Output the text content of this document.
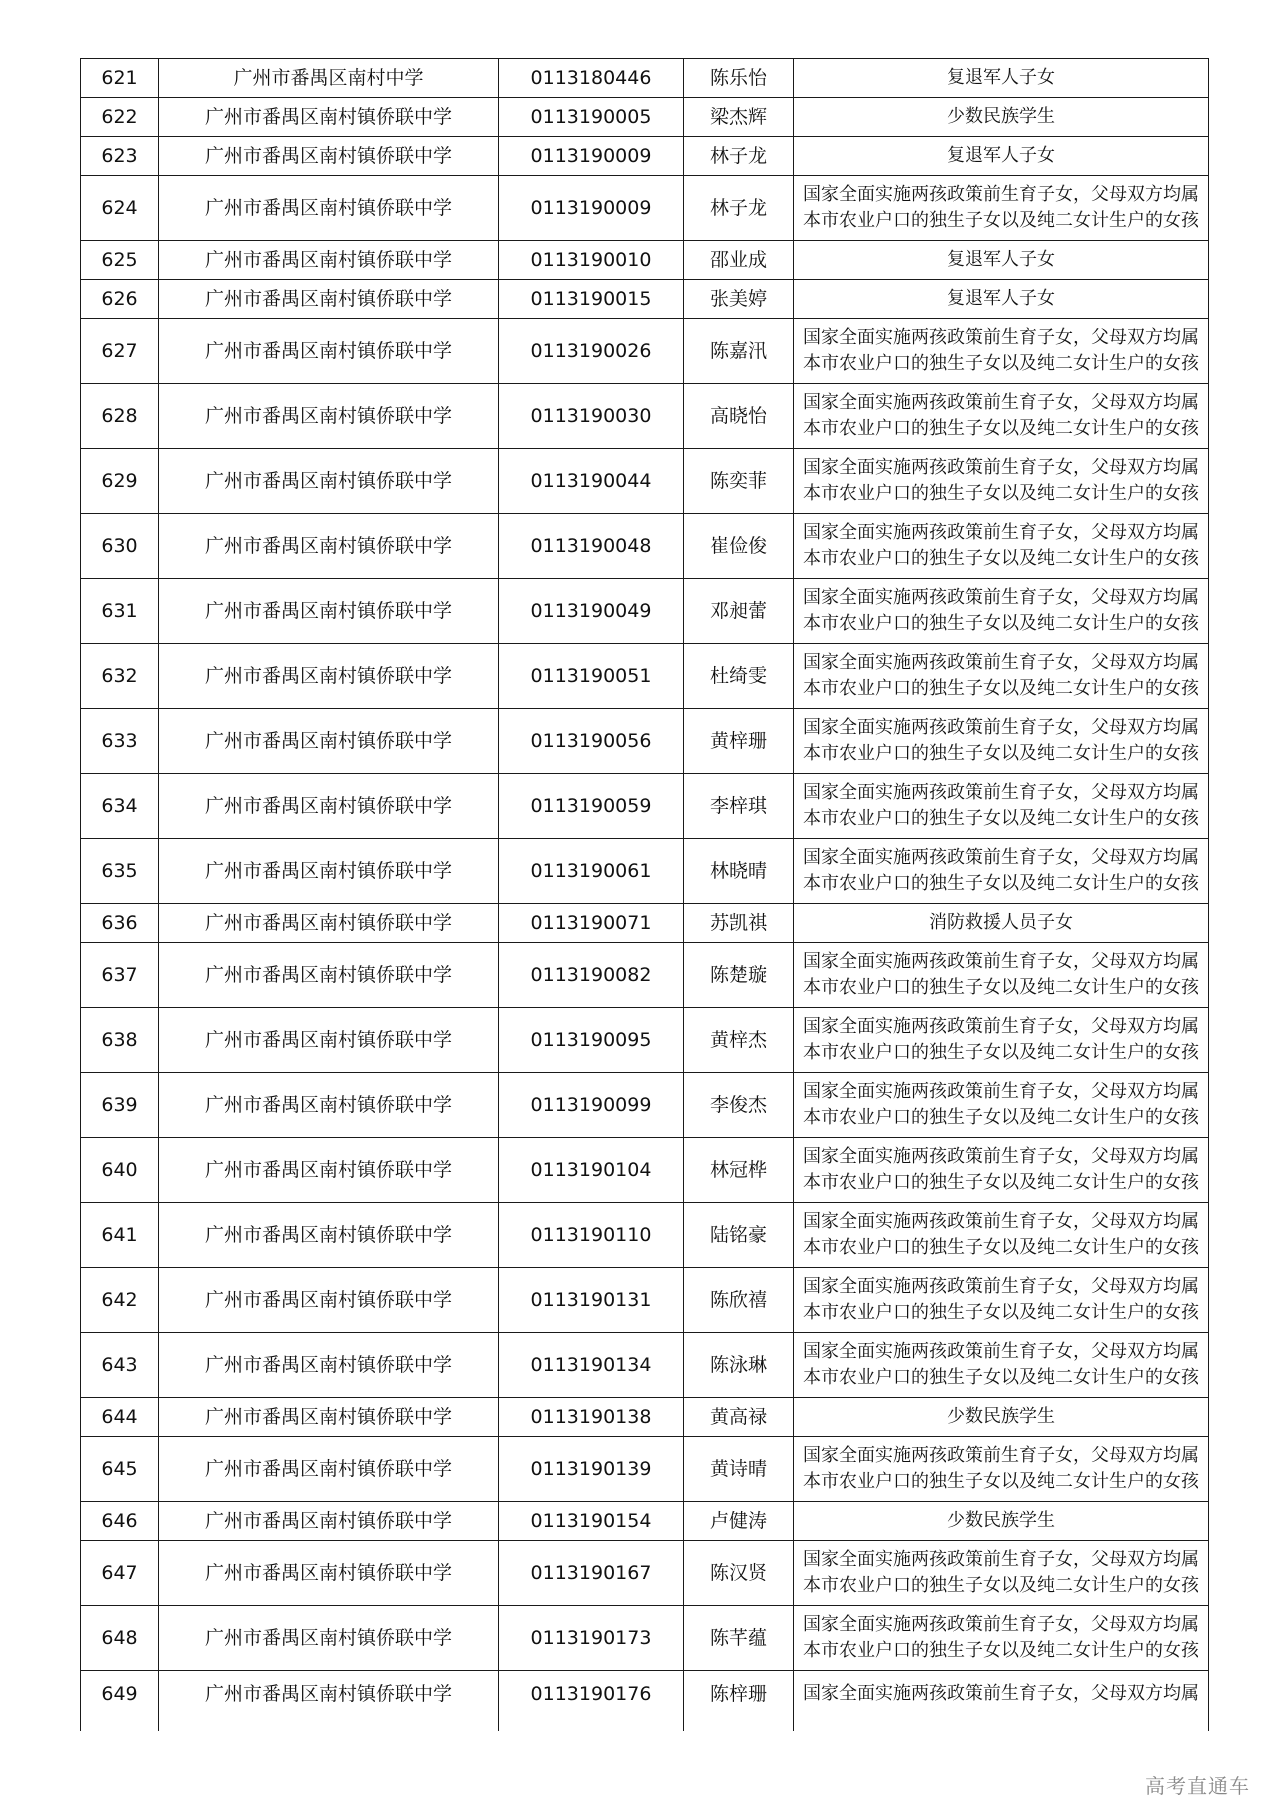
621	广州市番禺区南村中学	0113180446	陈乐怡	复退军人子女

622	广州市番禺区南村镇侨联中学	0113190005	梁杰辉	少数民族学生

623	广州市番禺区南村镇侨联中学	0113190009	林子龙	复退军人子女

624	广州市番禺区南村镇侨联中学	0113190009	林子龙	国家全面实施两孩政策前生育子女，父母双方均属
本市农业户口的独生子女以及纯二女计生户的女孩

625	广州市番禺区南村镇侨联中学	0113190010	邵业成	复退军人子女

626	广州市番禺区南村镇侨联中学	0113190015	张美婷	复退军人子女

627	广州市番禺区南村镇侨联中学	0113190026	陈嘉汛	国家全面实施两孩政策前生育子女，父母双方均属
本市农业户口的独生子女以及纯二女计生户的女孩

628	广州市番禺区南村镇侨联中学	0113190030	高晓怡	国家全面实施两孩政策前生育子女，父母双方均属
本市农业户口的独生子女以及纯二女计生户的女孩

629	广州市番禺区南村镇侨联中学	0113190044	陈奕菲	国家全面实施两孩政策前生育子女，父母双方均属
本市农业户口的独生子女以及纯二女计生户的女孩

630	广州市番禺区南村镇侨联中学	0113190048	崔俭俊	国家全面实施两孩政策前生育子女，父母双方均属
本市农业户口的独生子女以及纯二女计生户的女孩

631	广州市番禺区南村镇侨联中学	0113190049	邓昶蕾	国家全面实施两孩政策前生育子女，父母双方均属
本市农业户口的独生子女以及纯二女计生户的女孩

632	广州市番禺区南村镇侨联中学	0113190051	杜绮雯	国家全面实施两孩政策前生育子女，父母双方均属
本市农业户口的独生子女以及纯二女计生户的女孩

633	广州市番禺区南村镇侨联中学	0113190056	黄梓珊	国家全面实施两孩政策前生育子女，父母双方均属
本市农业户口的独生子女以及纯二女计生户的女孩

634	广州市番禺区南村镇侨联中学	0113190059	李梓琪	国家全面实施两孩政策前生育子女，父母双方均属
本市农业户口的独生子女以及纯二女计生户的女孩

635	广州市番禺区南村镇侨联中学	0113190061	林晓晴	国家全面实施两孩政策前生育子女，父母双方均属
本市农业户口的独生子女以及纯二女计生户的女孩

636	广州市番禺区南村镇侨联中学	0113190071	苏凯祺	消防救援人员子女

637	广州市番禺区南村镇侨联中学	0113190082	陈楚璇	国家全面实施两孩政策前生育子女，父母双方均属
本市农业户口的独生子女以及纯二女计生户的女孩

638	广州市番禺区南村镇侨联中学	0113190095	黄梓杰	国家全面实施两孩政策前生育子女，父母双方均属
本市农业户口的独生子女以及纯二女计生户的女孩

639	广州市番禺区南村镇侨联中学	0113190099	李俊杰	国家全面实施两孩政策前生育子女，父母双方均属
本市农业户口的独生子女以及纯二女计生户的女孩

640	广州市番禺区南村镇侨联中学	0113190104	林冠桦	国家全面实施两孩政策前生育子女，父母双方均属
本市农业户口的独生子女以及纯二女计生户的女孩

641	广州市番禺区南村镇侨联中学	0113190110	陆铭豪	国家全面实施两孩政策前生育子女，父母双方均属
本市农业户口的独生子女以及纯二女计生户的女孩

642	广州市番禺区南村镇侨联中学	0113190131	陈欣禧	国家全面实施两孩政策前生育子女，父母双方均属
本市农业户口的独生子女以及纯二女计生户的女孩

643	广州市番禺区南村镇侨联中学	0113190134	陈泳琳	国家全面实施两孩政策前生育子女，父母双方均属
本市农业户口的独生子女以及纯二女计生户的女孩

644	广州市番禺区南村镇侨联中学	0113190138	黄高禄	少数民族学生

645	广州市番禺区南村镇侨联中学	0113190139	黄诗晴	国家全面实施两孩政策前生育子女，父母双方均属
本市农业户口的独生子女以及纯二女计生户的女孩

646	广州市番禺区南村镇侨联中学	0113190154	卢健涛	少数民族学生

647	广州市番禺区南村镇侨联中学	0113190167	陈汉贤	国家全面实施两孩政策前生育子女，父母双方均属
本市农业户口的独生子女以及纯二女计生户的女孩

648	广州市番禺区南村镇侨联中学	0113190173	陈芊蕴	国家全面实施两孩政策前生育子女，父母双方均属
本市农业户口的独生子女以及纯二女计生户的女孩

649	广州市番禺区南村镇侨联中学	0113190176	陈梓珊	国家全面实施两孩政策前生育子女，父母双方均属
高考直通车
